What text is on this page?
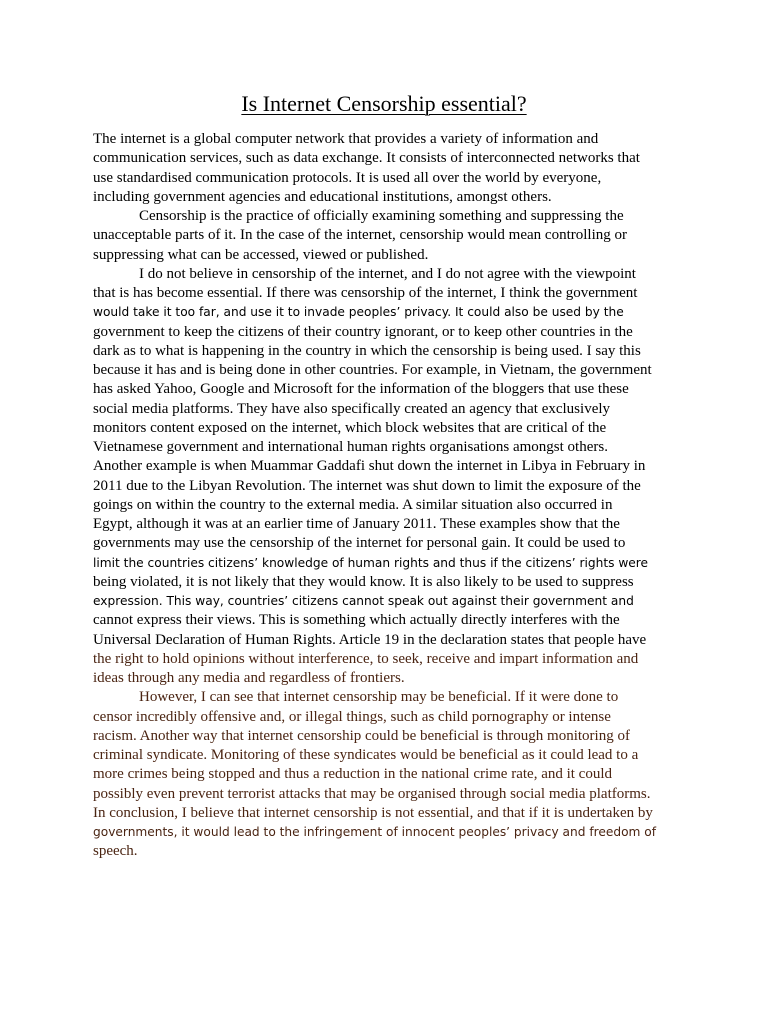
Is Internet Censorship essential?
The internet is a global computer network that provides a variety of information and
communication services, such as data exchange. It consists of interconnected networks that
use standardised communication protocols. It is used all over the world by everyone,
including government agencies and educational institutions, amongst others.
Censorship is the practice of officially examining something and suppressing the
unacceptable parts of it. In the case of the internet, censorship would mean controlling or
suppressing what can be accessed, viewed or published.
I do not believe in censorship of the internet, and I do not agree with the viewpoint
that is has become essential. If there was censorship of the internet, I think the government
would take it too far, and use it to invade peoples’ privacy. It could also be used by the
government to keep the citizens of their country ignorant, or to keep other countries in the
dark as to what is happening in the country in which the censorship is being used. I say this
because it has and is being done in other countries. For example, in Vietnam, the government
has asked Yahoo, Google and Microsoft for the information of the bloggers that use these
social media platforms. They have also specifically created an agency that exclusively
monitors content exposed on the internet, which block websites that are critical of the
Vietnamese government and international human rights organisations amongst others.
Another example is when Muammar Gaddafi shut down the internet in Libya in February in
2011 due to the Libyan Revolution. The internet was shut down to limit the exposure of the
goings on within the country to the external media. A similar situation also occurred in
Egypt, although it was at an earlier time of January 2011. These examples show that the
governments may use the censorship of the internet for personal gain. It could be used to
limit the countries citizens’ knowledge of human rights and thus if the citizens’ rights were
being violated, it is not likely that they would know. It is also likely to be used to suppress
expression. This way, countries’ citizens cannot speak out against their government and
cannot express their views. This is something which actually directly interferes with the
Universal Declaration of Human Rights. Article 19 in the declaration states that people have
the right to hold opinions without interference, to seek, receive and impart information and
ideas through any media and regardless of frontiers.
However, I can see that internet censorship may be beneficial. If it were done to
censor incredibly offensive and, or illegal things, such as child pornography or intense
racism. Another way that internet censorship could be beneficial is through monitoring of
criminal syndicate. Monitoring of these syndicates would be beneficial as it could lead to a
more crimes being stopped and thus a reduction in the national crime rate, and it could
possibly even prevent terrorist attacks that may be organised through social media platforms.
In conclusion, I believe that internet censorship is not essential, and that if it is undertaken by
governments, it would lead to the infringement of innocent peoples’ privacy and freedom of
speech.
